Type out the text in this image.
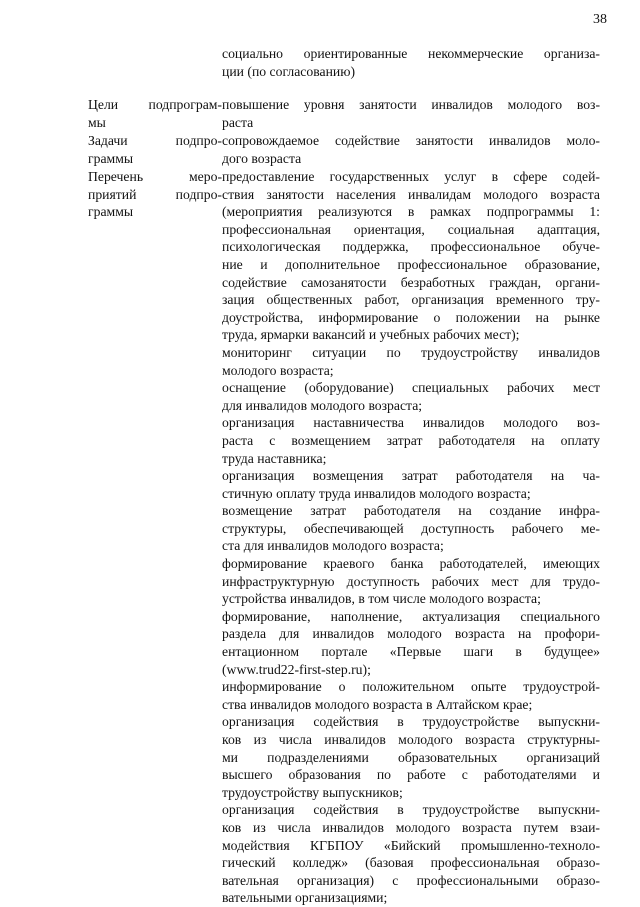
38
социально ориентированные некоммерческие организа-
ции (по согласованию)
Цели подпрограм-
мы
повышение уровня занятости инвалидов молодого воз-
раста
Задачи подпро-
граммы
сопровождаемое содействие занятости инвалидов моло-
дого возраста
Перечень меро-
приятий подпро-
граммы
предоставление государственных услуг в сфере содей-
ствия занятости населения инвалидам молодого возраста
(мероприятия реализуются в рамках подпрограммы 1:
профессиональная ориентация, социальная адаптация,
психологическая поддержка, профессиональное обуче-
ние и дополнительное профессиональное образование,
содействие самозанятости безработных граждан, органи-
зация общественных работ, организация временного тру-
доустройства, информирование о положении на рынке
труда, ярмарки вакансий и учебных рабочих мест);
мониторинг ситуации по трудоустройству инвалидов
молодого возраста;
оснащение (оборудование) специальных рабочих мест
для инвалидов молодого возраста;
организация наставничества инвалидов молодого воз-
раста с возмещением затрат работодателя на оплату
труда наставника;
организация возмещения затрат работодателя на ча-
стичную оплату труда инвалидов молодого возраста;
возмещение затрат работодателя на создание инфра-
структуры, обеспечивающей доступность рабочего ме-
ста для инвалидов молодого возраста;
формирование краевого банка работодателей, имеющих
инфраструктурную доступность рабочих мест для трудо-
устройства инвалидов, в том числе молодого возраста;
формирование, наполнение, актуализация специального
раздела для инвалидов молодого возраста на профори-
ентационном портале «Первые шаги в будущее»
(www.trud22-first-step.ru);
информирование о положительном опыте трудоустрой-
ства инвалидов молодого возраста в Алтайском крае;
организация содействия в трудоустройстве выпускни-
ков из числа инвалидов молодого возраста структурны-
ми подразделениями образовательных организаций
высшего образования по работе с работодателями и
трудоустройству выпускников;
организация содействия в трудоустройстве выпускни-
ков из числа инвалидов молодого возраста путем взаи-
модействия КГБПОУ «Бийский промышленно-техноло-
гический колледж» (базовая профессиональная образо-
вательная организация) с профессиональными образо-
вательными организациями;
